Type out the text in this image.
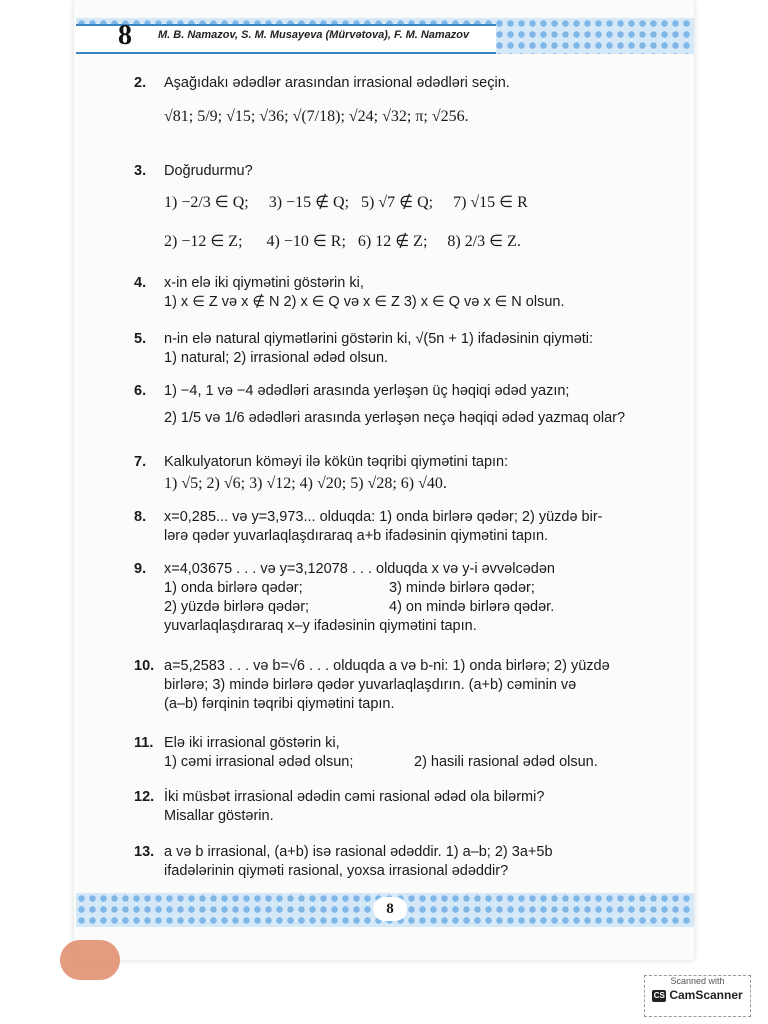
8 M. B. Namazov, S. M. Musayeva (Mürvətova), F. M. Namazov
2. Aşağıdakı ədədlər arasından irrasional ədədləri seçin.
√81; 5/9; √15; √36; √(7/18); √24; √32; π; √256.
3. Doğrudurmu?
1) −2/3 ∈ Q;     3) −15 ∉ Q;   5) √7 ∉ Q;     7) √15 ∈ R
2) −12 ∈ Z;      4) −10 ∈ R;   6) 12 ∉ Z;     8) 2/3 ∈ Z.
4. x-in elə iki qiymətini göstərin ki,
1) x ∈ Z və x ∉ N 2) x ∈ Q və x ∈ Z 3) x ∈ Q və x ∈ N olsun.
5. n-in elə natural qiymətlərini göstərin ki, √(5n + 1) ifadəsinin qiyməti:
1) natural; 2) irrasional ədəd olsun.
6. 1) −4, 1 və −4 ədədləri arasında yerləşən üç həqiqi ədəd yazın;
2) 1/5 və 1/6 ədədləri arasında yerləşən neçə həqiqi ədəd yazmaq olar?
7. Kalkulyatorun köməyi ilə kökün təqribi qiymətini tapın:
1) √5; 2) √6; 3) √12; 4) √20; 5) √28; 6) √40.
8. x=0,285... və y=3,973... olduqda: 1) onda birlərə qədər; 2) yüzdə bir-
lərə qədər yuvarlaqlaşdıraraq a+b ifadəsinin qiymətini tapın.
9. x=4,03675 . . . və y=3,12078 . . . olduqda x və y-i əvvəlcədən
1) onda birlərə qədər;	3) mində birlərə qədər;
2) yüzdə birlərə qədər;	4) on mində birlərə qədər.
yuvarlaqlaşdıraraq x–y ifadəsinin qiymətini tapın.
10. a=5,2583 . . . və b=√6 . . . olduqda a və b-ni: 1) onda birlərə; 2) yüzdə
birlərə; 3) mində birlərə qədər yuvarlaqlaşdırın. (a+b) cəminin və
(a–b) fərqinin təqribi qiymətini tapın.
11. Elə iki irrasional göstərin ki,
1) cəmi irrasional ədəd olsun;	2) hasili rasional ədəd olsun.
12. İki müsbət irrasional ədədin cəmi rasional ədəd ola bilərmi?
Misallar göstərin.
13. a və b irrasional, (a+b) isə rasional ədəddir. 1) a–b; 2) 3a+5b
ifadələrinin qiyməti rasional, yoxsa irrasional ədəddir?
8
Scanned with
CS CamScanner
